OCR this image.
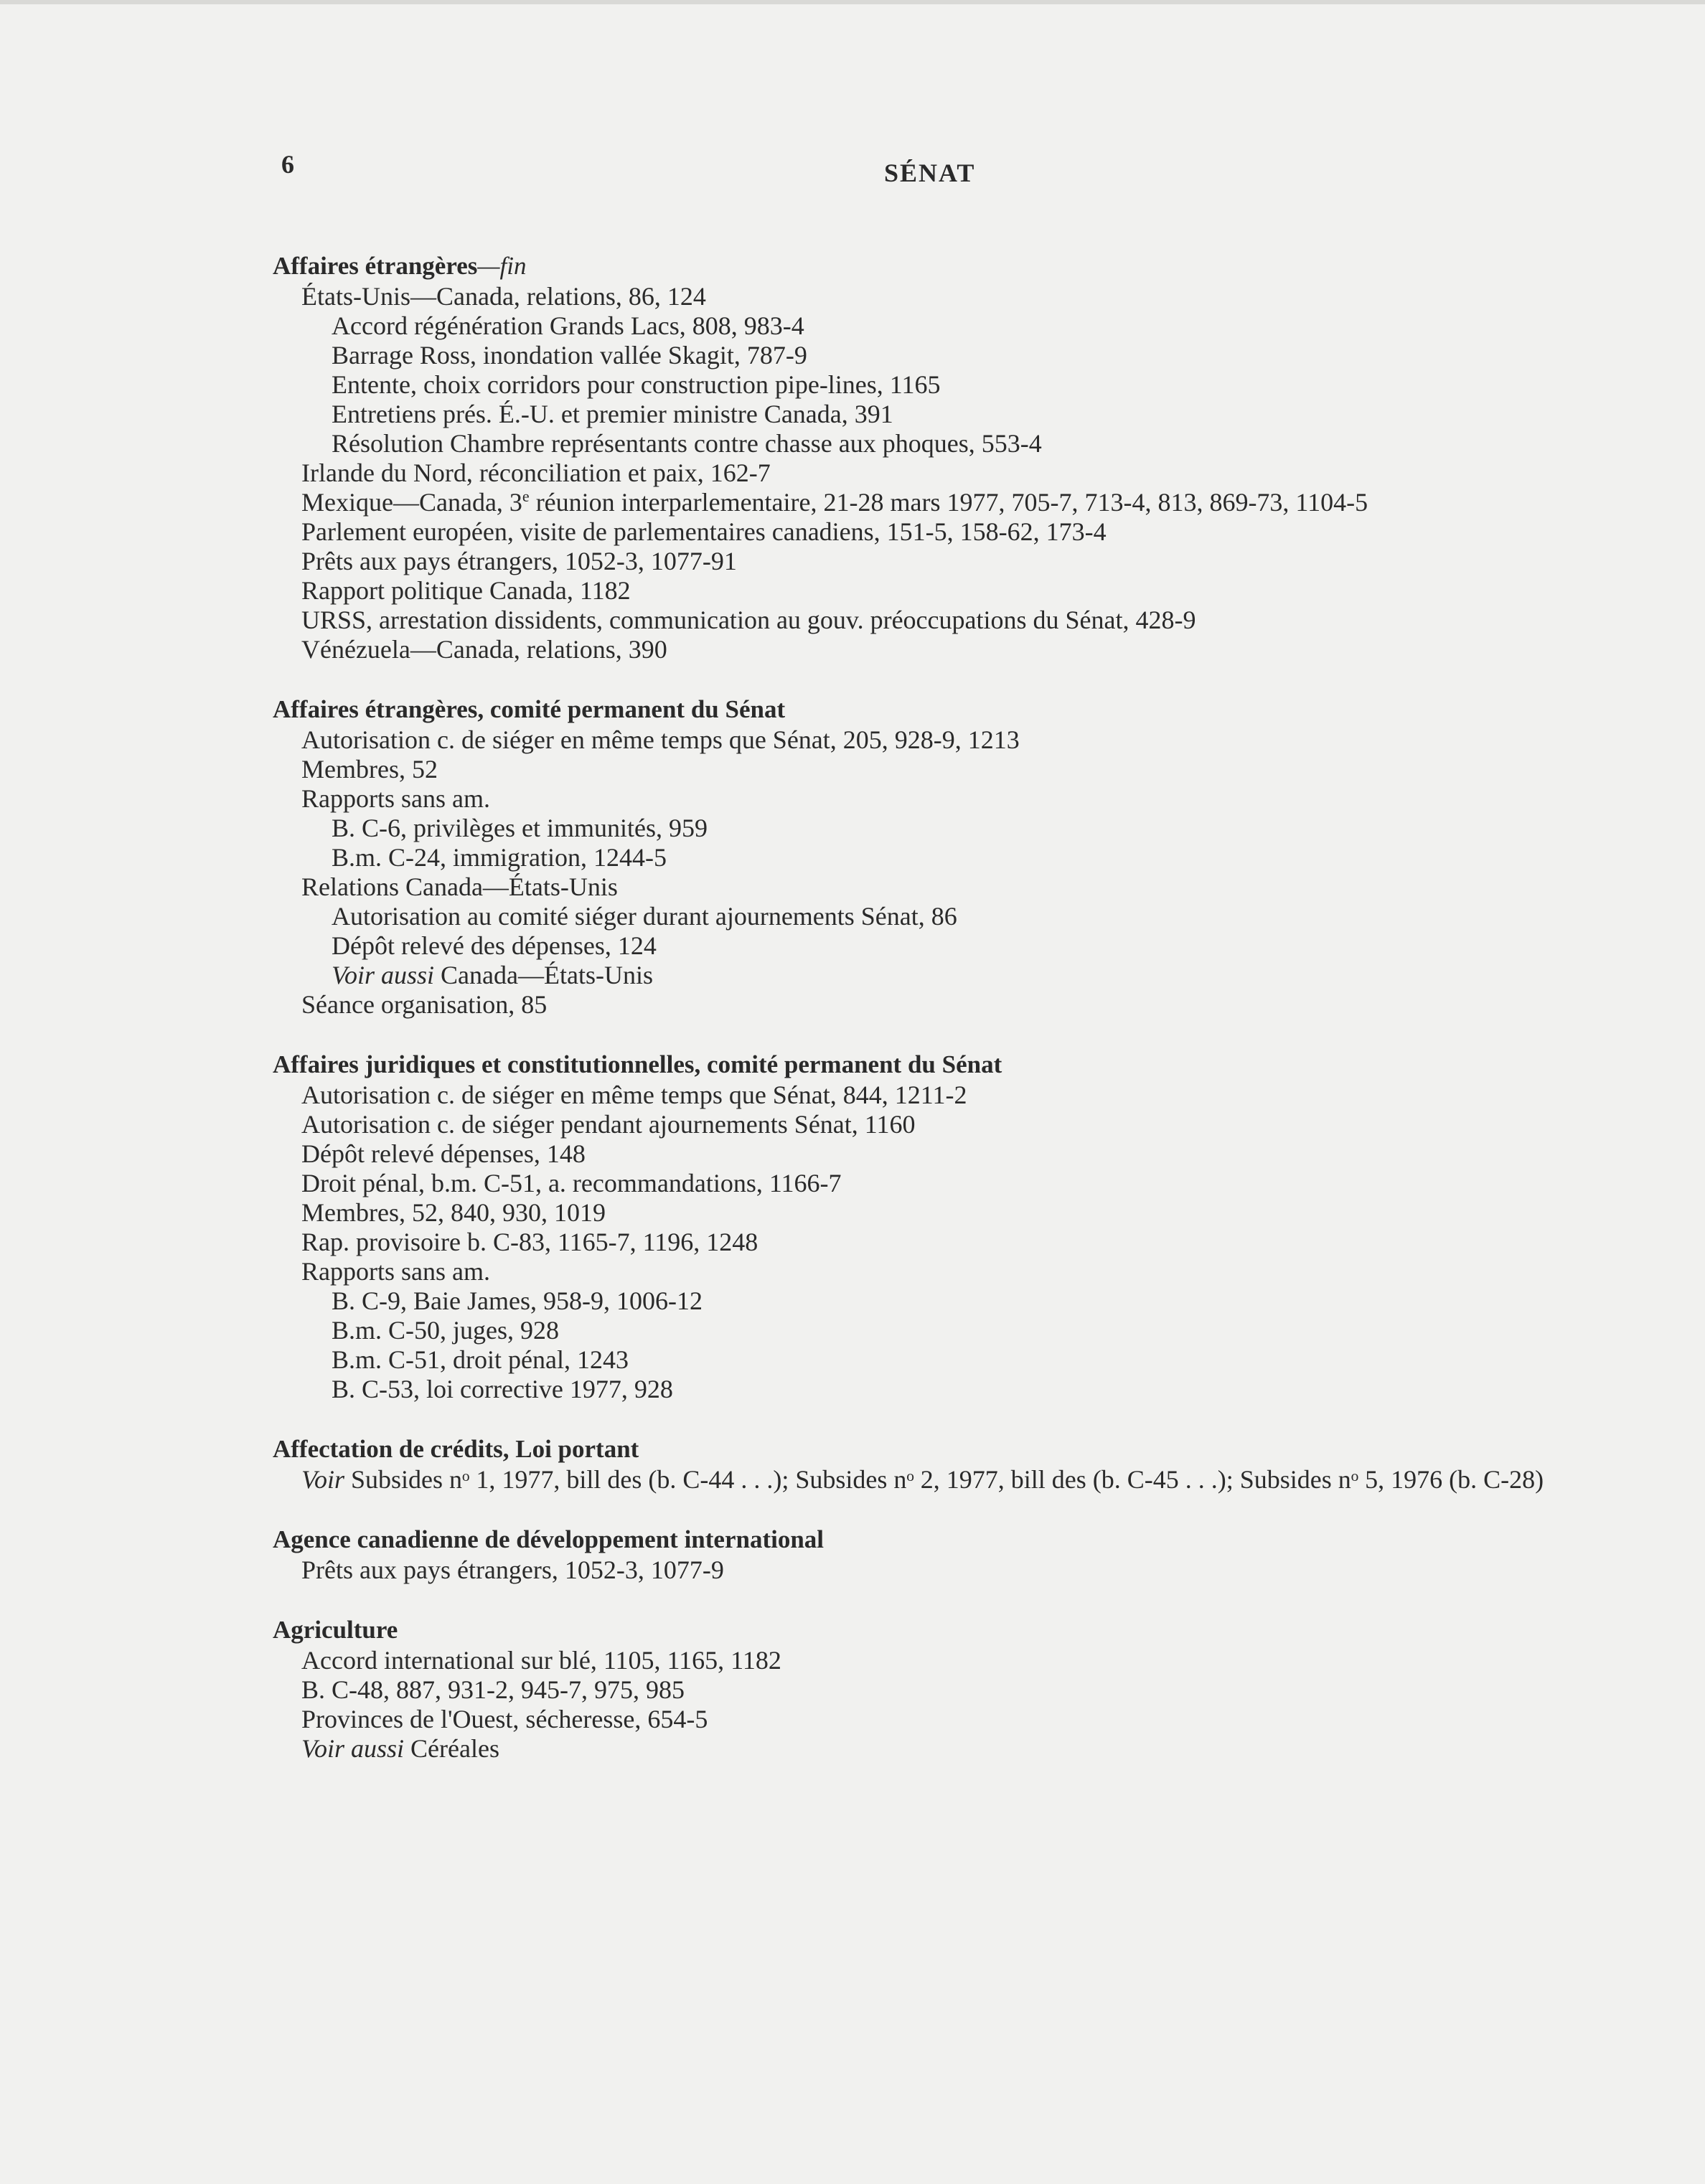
6	SÉNAT
Affaires étrangères—fin
États-Unis—Canada, relations, 86, 124
Accord régénération Grands Lacs, 808, 983-4
Barrage Ross, inondation vallée Skagit, 787-9
Entente, choix corridors pour construction pipe-lines, 1165
Entretiens prés. É.-U. et premier ministre Canada, 391
Résolution Chambre représentants contre chasse aux phoques, 553-4
Irlande du Nord, réconciliation et paix, 162-7
Mexique—Canada, 3e réunion interparlementaire, 21-28 mars 1977, 705-7, 713-4, 813, 869-73, 1104-5
Parlement européen, visite de parlementaires canadiens, 151-5, 158-62, 173-4
Prêts aux pays étrangers, 1052-3, 1077-91
Rapport politique Canada, 1182
URSS, arrestation dissidents, communication au gouv. préoccupations du Sénat, 428-9
Vénézuela—Canada, relations, 390
Affaires étrangères, comité permanent du Sénat
Autorisation c. de siéger en même temps que Sénat, 205, 928-9, 1213
Membres, 52
Rapports sans am.
B. C-6, privilèges et immunités, 959
B.m. C-24, immigration, 1244-5
Relations Canada—États-Unis
Autorisation au comité siéger durant ajournements Sénat, 86
Dépôt relevé des dépenses, 124
Voir aussi Canada—États-Unis
Séance organisation, 85
Affaires juridiques et constitutionnelles, comité permanent du Sénat
Autorisation c. de siéger en même temps que Sénat, 844, 1211-2
Autorisation c. de siéger pendant ajournements Sénat, 1160
Dépôt relevé dépenses, 148
Droit pénal, b.m. C-51, a. recommandations, 1166-7
Membres, 52, 840, 930, 1019
Rap. provisoire b. C-83, 1165-7, 1196, 1248
Rapports sans am.
B. C-9, Baie James, 958-9, 1006-12
B.m. C-50, juges, 928
B.m. C-51, droit pénal, 1243
B. C-53, loi corrective 1977, 928
Affectation de crédits, Loi portant
Voir Subsides nᵒ 1, 1977, bill des (b. C-44 . . .); Subsides nᵒ 2, 1977, bill des (b. C-45 . . .); Subsides nᵒ 5, 1976 (b. C-28)
Agence canadienne de développement international
Prêts aux pays étrangers, 1052-3, 1077-9
Agriculture
Accord international sur blé, 1105, 1165, 1182
B. C-48, 887, 931-2, 945-7, 975, 985
Provinces de l'Ouest, sécheresse, 654-5
Voir aussi Céréales
